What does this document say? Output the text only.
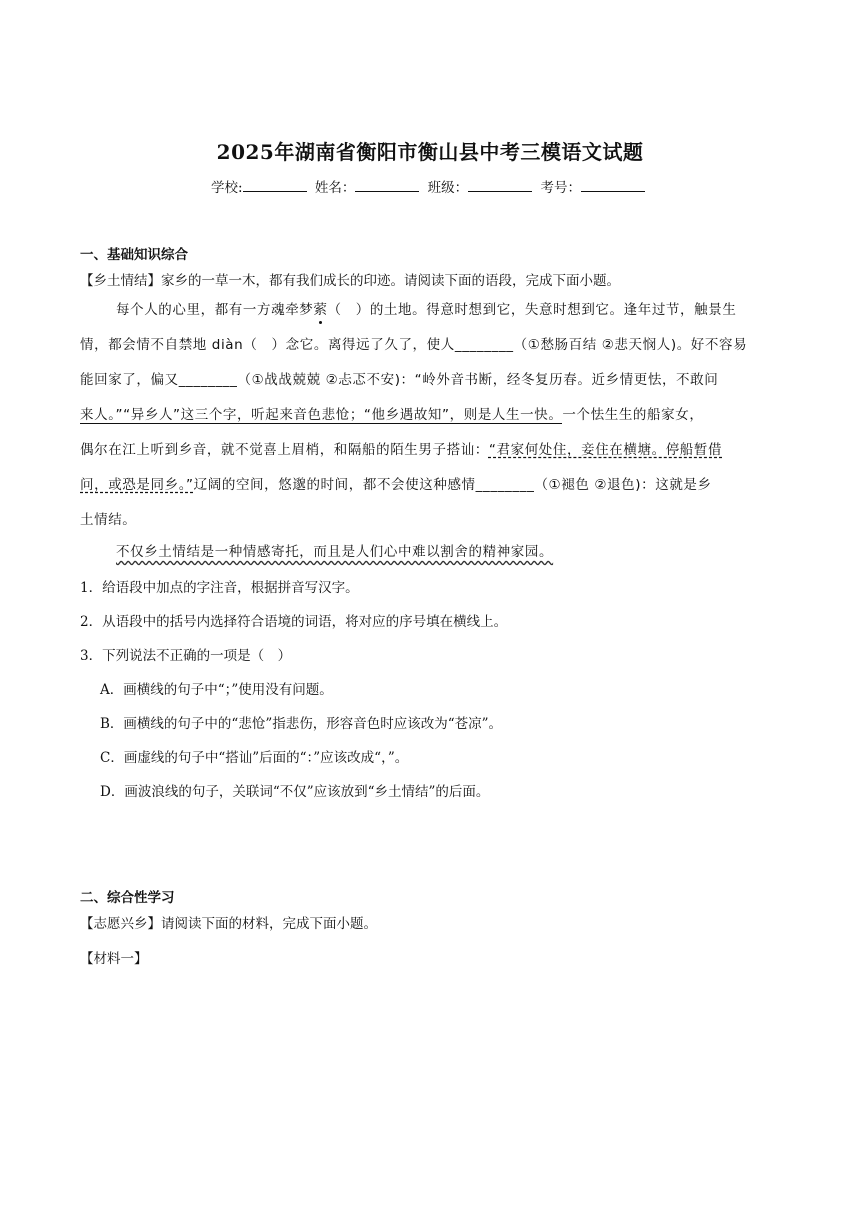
2025年湖南省衡阳市衡山县中考三模语文试题
学校:	姓名：	班级：	考号：
一、基础知识综合
【乡土情结】家乡的一草一木，都有我们成长的印迹。请阅读下面的语段，完成下面小题。
每个人的心里，都有一方魂牵梦萦（　）的土地。得意时想到它，失意时想到它。逢年过节，触景生
情，都会情不自禁地 diàn（　）念它。离得远了久了，使人________（①愁肠百结 ②悲天悯人)。好不容易
能回家了，偏又________（①战战兢兢 ②忐忑不安)：“岭外音书断，经冬复历春。近乡情更怯，不敢问
来人。”“异乡人”这三个字，听起来音色悲怆；“他乡遇故知”，则是人生一快。一个怯生生的船家女，
偶尔在江上听到乡音，就不觉喜上眉梢，和隔船的陌生男子搭讪：“君家何处住，妾住在横塘。停船暂借
问，或恐是同乡。”辽阔的空间，悠邈的时间，都不会使这种感情________（①褪色 ②退色)：这就是乡
土情结。
不仅乡土情结是一种情感寄托，而且是人们心中难以割舍的精神家园。
1．给语段中加点的字注音，根据拼音写汉字。
2．从语段中的括号内选择符合语境的词语，将对应的序号填在横线上。
3．下列说法不正确的一项是（　）
A．画横线的句子中“；”使用没有问题。
B．画横线的句子中的“悲怆”指悲伤，形容音色时应该改为“苍凉”。
C．画虚线的句子中“搭讪”后面的“：”应该改成“，”。
D．画波浪线的句子，关联词“不仅”应该放到“乡土情结”的后面。
二、综合性学习
【志愿兴乡】请阅读下面的材料，完成下面小题。
【材料一】
